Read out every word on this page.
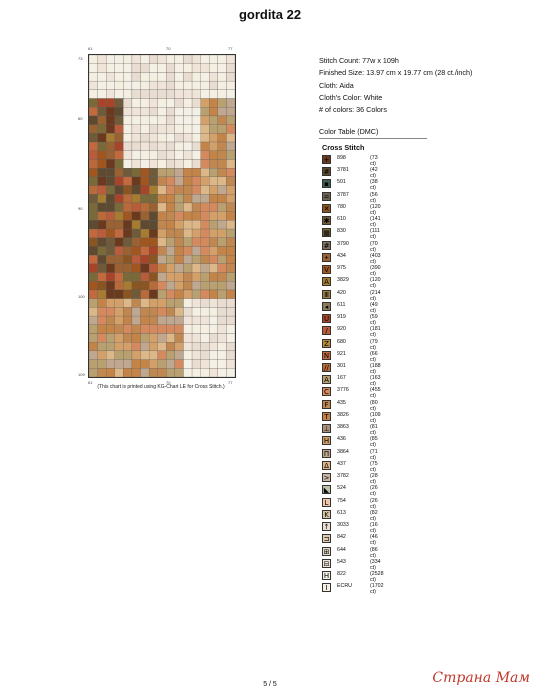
gordita 22
61	70	77
73
80
90
100
109
61	70	77
(This chart is printed using KG-Chart LE for Cross Stitch.)
Stitch Count: 77w x 109h
Finished Size: 13.97 cm x 19.77 cm (28 ct./inch)
Cloth: Aida
Cloth's Color: White
# of colors: 36 Colors
Color Table (DMC)
Cross Stitch
+ 898	(73 ct)
# 3781	(42 ct)
▪	501	(38 ct)
= 3787	(56 ct)
✕ 780	(120 ct)
✱ 610	(141 ct)
▦ 830	(111 ct)
# 3790	(70 ct)
•	434	(403 ct)
V	975	(390 ct)
A	3829	(120 ct)
Ⅲ	420	(214 ct)
◂	611	(49 ct)
U	919	(59 ct)
/	920	(181 ct)
Z	680	(79 ct)
N	921	(66 ct)
//	301	(188 ct)
A	167	(163 ct)
C	3776	(455 ct)
F	435	(80 ct)
T	3826	(109 ct)
⊥ 3863	(81 ct)
H	436	(85 ct)
Π	3864	(71 ct)
Δ	437	(75 ct)
> 3782	(28 ct)
◣	524	(26 ct)
L	754	(26 ct)
K	613	(82 ct)
↑ 3033	(16 ct)
⊐ 842	(46 ct)
⊞ 644	(86 ct)
⊟ 543	(334 ct)
H	822	(2528 ct)
I	ECRU	(1702 ct)
5 / 5	Страна Мам
